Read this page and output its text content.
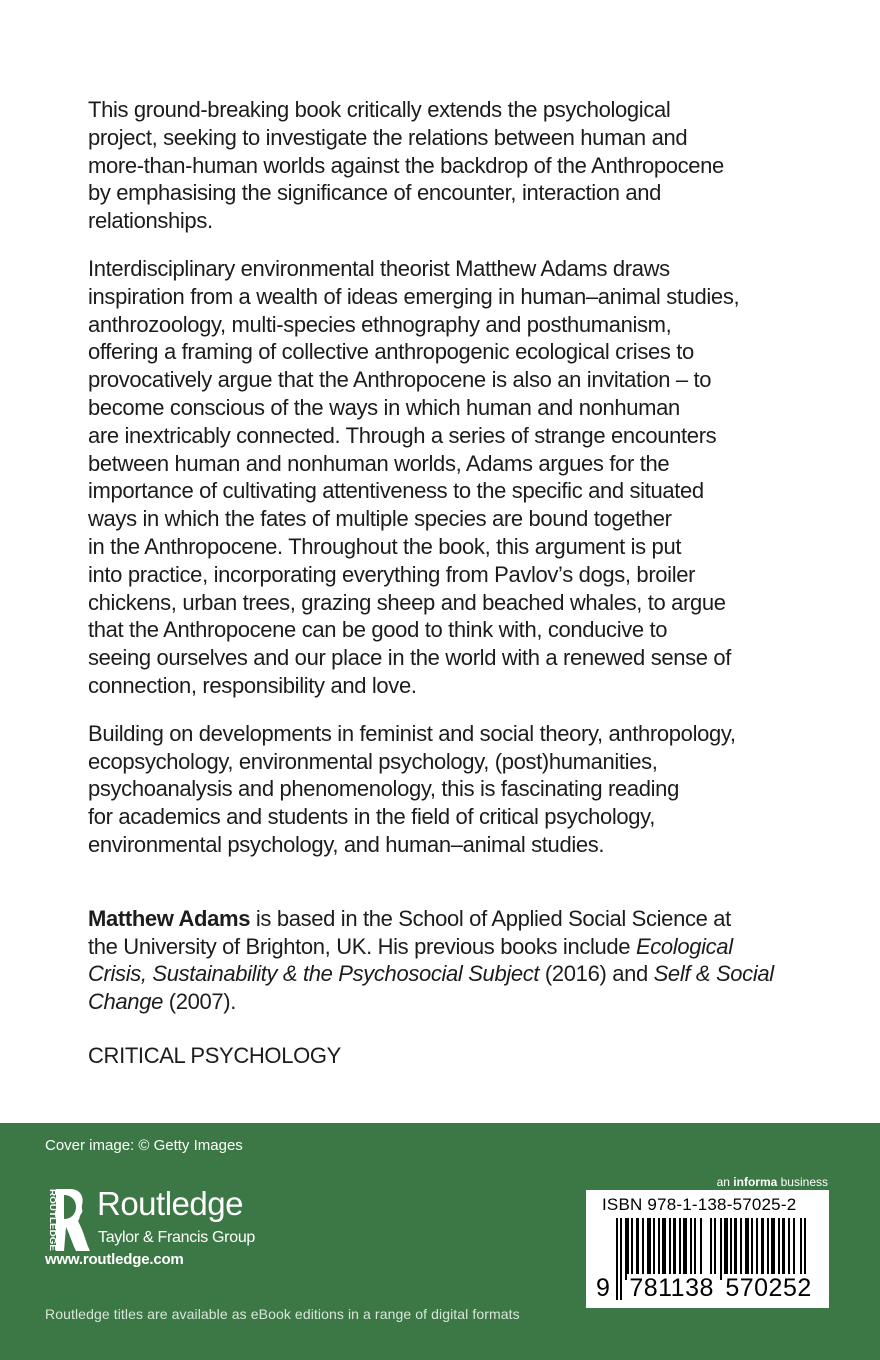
This ground-breaking book critically extends the psychological
project, seeking to investigate the relations between human and
more-than-human worlds against the backdrop of the Anthropocene
by emphasising the significance of encounter, interaction and
relationships.

Interdisciplinary environmental theorist Matthew Adams draws
inspiration from a wealth of ideas emerging in human–animal studies,
anthrozoology, multi-species ethnography and posthumanism,
offering a framing of collective anthropogenic ecological crises to
provocatively argue that the Anthropocene is also an invitation – to
become conscious of the ways in which human and nonhuman
are inextricably connected. Through a series of strange encounters
between human and nonhuman worlds, Adams argues for the
importance of cultivating attentiveness to the specific and situated
ways in which the fates of multiple species are bound together
in the Anthropocene. Throughout the book, this argument is put
into practice, incorporating everything from Pavlov’s dogs, broiler
chickens, urban trees, grazing sheep and beached whales, to argue
that the Anthropocene can be good to think with, conducive to
seeing ourselves and our place in the world with a renewed sense of
connection, responsibility and love.

Building on developments in feminist and social theory, anthropology,
ecopsychology, environmental psychology, (post)humanities,
psychoanalysis and phenomenology, this is fascinating reading
for academics and students in the field of critical psychology,
environmental psychology, and human–animal studies.

Matthew Adams is based in the School of Applied Social Science at
the University of Brighton, UK. His previous books include Ecological
Crisis, Sustainability & the Psychosocial Subject (2016) and Self & Social
Change (2007).

CRITICAL PSYCHOLOGY
Cover image: © Getty Images
ROUTLEDGE Routledge
Taylor & Francis Group
www.routledge.com
Routledge titles are available as eBook editions in a range of digital formats
an informa business
ISBN 978-1-138-57025-2
9 781138 570252
